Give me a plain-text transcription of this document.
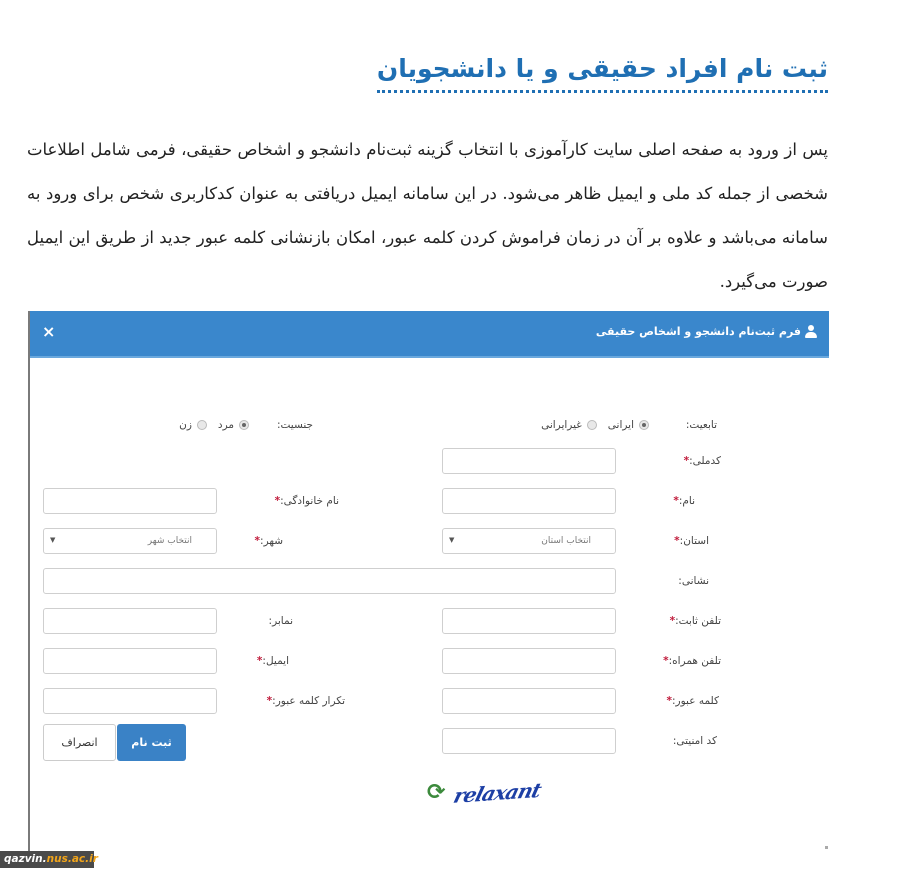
ثبت نام افراد حقیقی و یا دانشجویان
پس از ورود به صفحه اصلی سایت کارآموزی با انتخاب گزینه ثبت‌نام دانشجو و اشخاص حقیقی، فرمی شامل اطلاعات شخصی از جمله کد ملی و ایمیل ظاهر می‌شود. در این سامانه ایمیل دریافتی به عنوان کدکاربری شخص برای ورود به سامانه می‌باشد و علاوه بر آن در زمان فراموش کردن کلمه عبور، امکان بازنشانی کلمه عبور جدید از طریق این ایمیل صورت می‌گیرد.
×	فرم ثبت‌نام دانشجو و اشخاص حقیقی
تابعیت:
ایرانی
غیرایرانی
جنسیت:
مرد
زن
کدملی:*
نام:*
نام خانوادگی:*
استان:*
انتخاب استان
▼
شهر:*
انتخاب شهر
▼
نشانی:
تلفن ثابت:*
نمابر:
تلفن همراه:*
ایمیل:*
کلمه عبور:*
تکرار کلمه عبور:*
کد امنیتی:
انصراف	ثبت نام
⟳ relaxant
qazvin.nus.ac.ir
